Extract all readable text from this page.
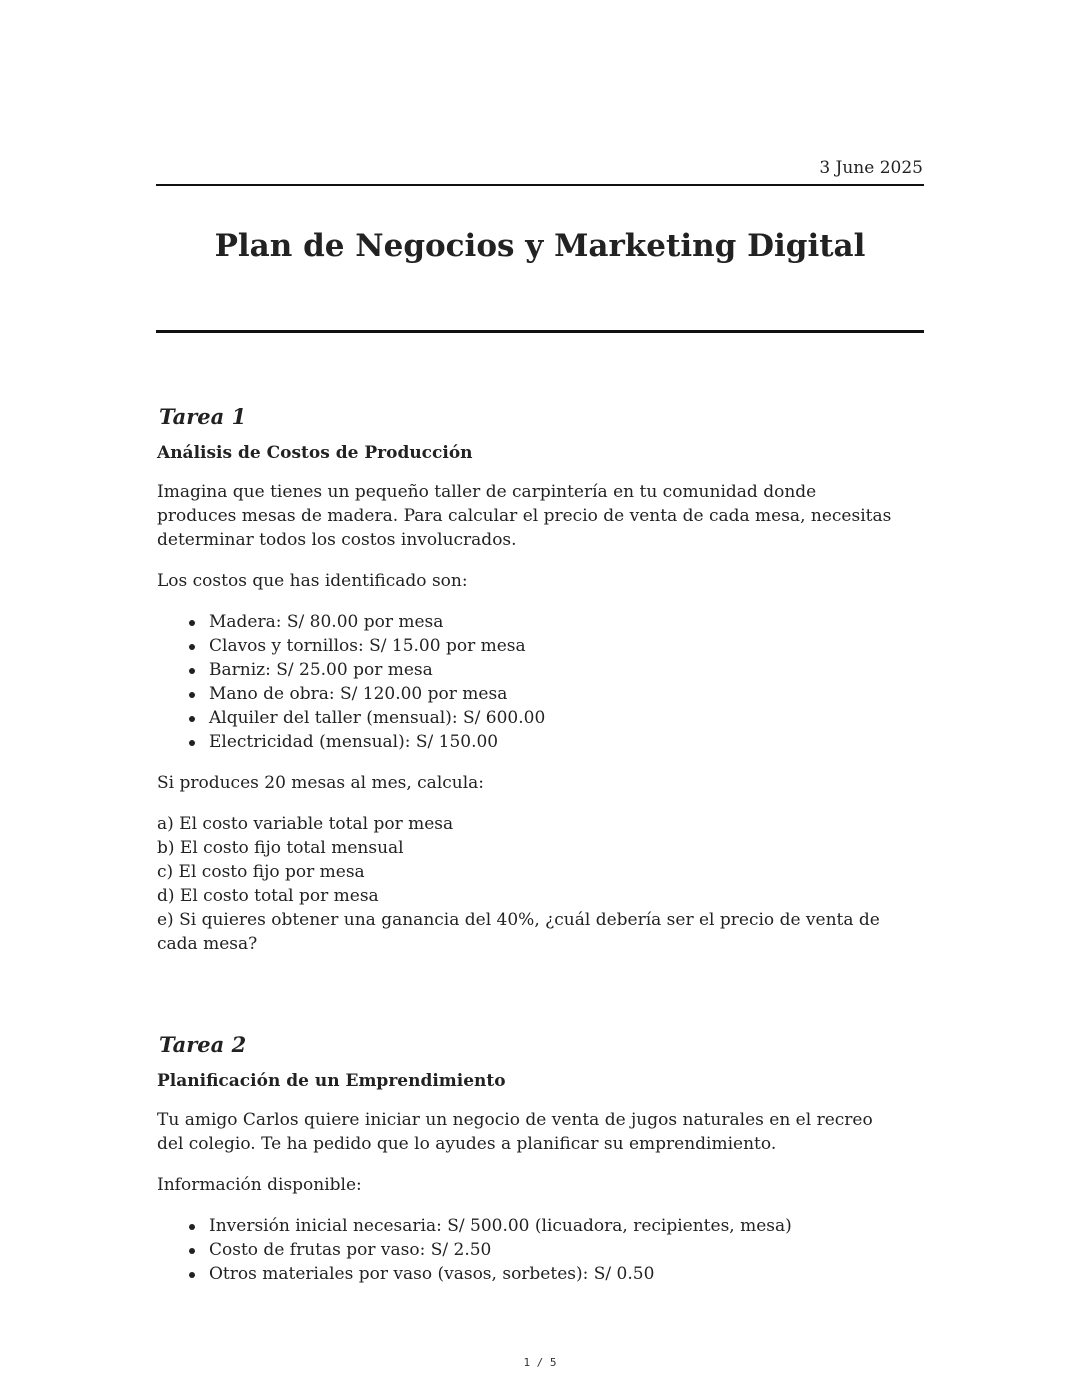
3 June 2025
Plan de Negocios y Marketing Digital
Tarea 1
Análisis de Costos de Producción

Imagina que tienes un pequeño taller de carpintería en tu comunidad donde produces mesas de madera. Para calcular el precio de venta de cada mesa, necesitas determinar todos los costos involucrados.

Los costos que has identificado son:

Madera: S/ 80.00 por mesa
Clavos y tornillos: S/ 15.00 por mesa
Barniz: S/ 25.00 por mesa
Mano de obra: S/ 120.00 por mesa
Alquiler del taller (mensual): S/ 600.00
Electricidad (mensual): S/ 150.00

Si produces 20 mesas al mes, calcula:

a) El costo variable total por mesa
b) El costo fijo total mensual
c) El costo fijo por mesa
d) El costo total por mesa
e) Si quieres obtener una ganancia del 40%, ¿cuál debería ser el precio de venta de cada mesa?
Tarea 2
Planificación de un Emprendimiento

Tu amigo Carlos quiere iniciar un negocio de venta de jugos naturales en el recreo del colegio. Te ha pedido que lo ayudes a planificar su emprendimiento.

Información disponible:

Inversión inicial necesaria: S/ 500.00 (licuadora, recipientes, mesa)
Costo de frutas por vaso: S/ 2.50
Otros materiales por vaso (vasos, sorbetes): S/ 0.50
1 / 5
